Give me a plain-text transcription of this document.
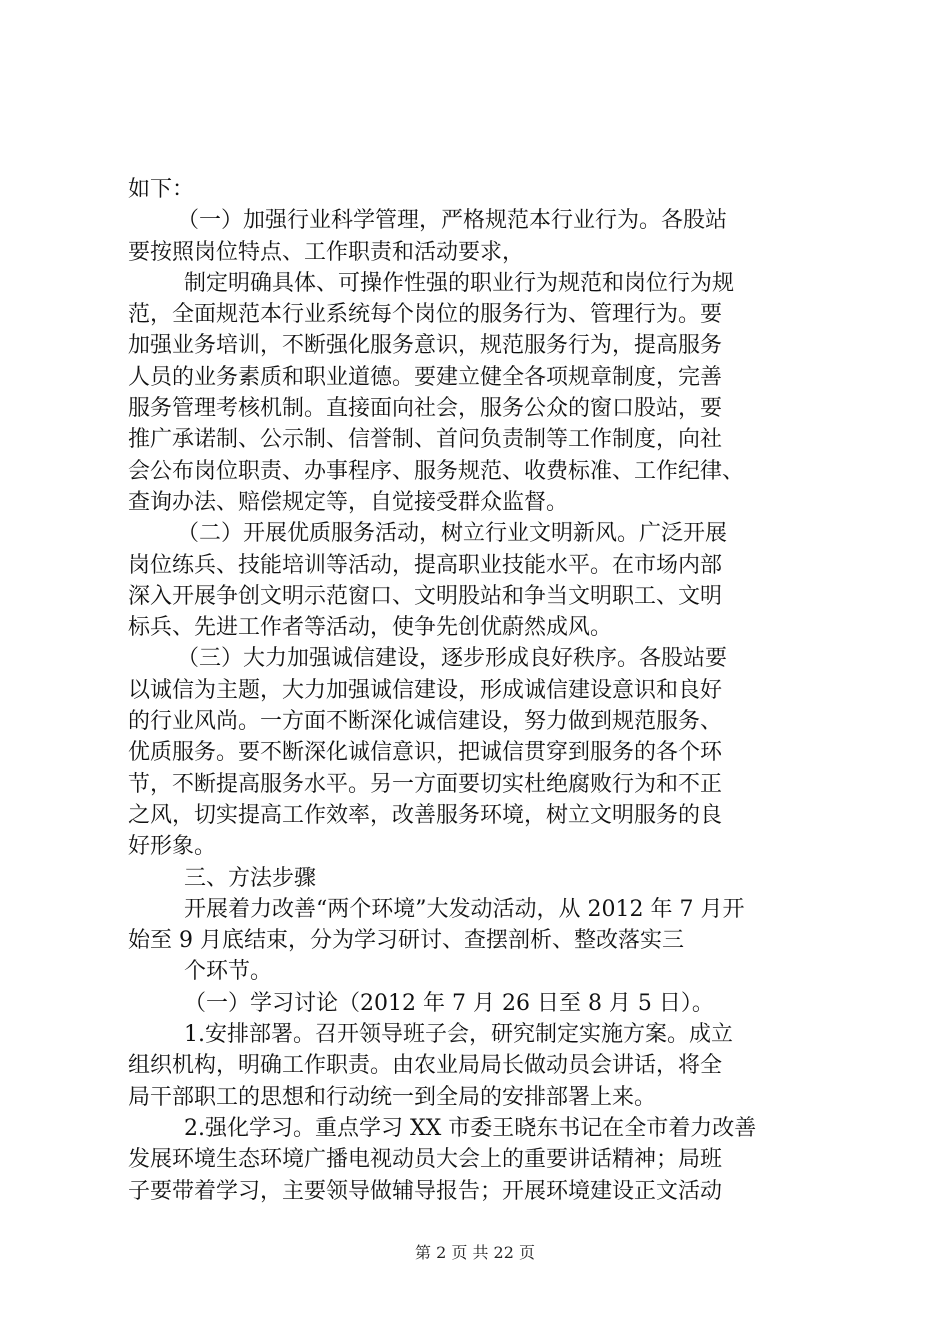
如下：
（一）加强行业科学管理，严格规范本行业行为。各股站
要按照岗位特点、工作职责和活动要求，
制定明确具体、可操作性强的职业行为规范和岗位行为规
范，全面规范本行业系统每个岗位的服务行为、管理行为。要
加强业务培训，不断强化服务意识，规范服务行为，提高服务
人员的业务素质和职业道德。要建立健全各项规章制度，完善
服务管理考核机制。直接面向社会，服务公众的窗口股站，要
推广承诺制、公示制、信誉制、首问负责制等工作制度，向社
会公布岗位职责、办事程序、服务规范、收费标准、工作纪律、
查询办法、赔偿规定等，自觉接受群众监督。
（二）开展优质服务活动，树立行业文明新风。广泛开展
岗位练兵、技能培训等活动，提高职业技能水平。在市场内部
深入开展争创文明示范窗口、文明股站和争当文明职工、文明
标兵、先进工作者等活动，使争先创优蔚然成风。
（三）大力加强诚信建设，逐步形成良好秩序。各股站要
以诚信为主题，大力加强诚信建设，形成诚信建设意识和良好
的行业风尚。一方面不断深化诚信建设，努力做到规范服务、
优质服务。要不断深化诚信意识，把诚信贯穿到服务的各个环
节，不断提高服务水平。另一方面要切实杜绝腐败行为和不正
之风，切实提高工作效率，改善服务环境，树立文明服务的良
好形象。
三、方法步骤
开展着力改善“两个环境”大发动活动，从 2012 年 7 月开
始至 9 月底结束，分为学习研讨、查摆剖析、整改落实三
个环节。
（一）学习讨论（2012 年 7 月 26 日至 8 月 5 日）。
1.安排部署。召开领导班子会，研究制定实施方案。成立
组织机构，明确工作职责。由农业局局长做动员会讲话，将全
局干部职工的思想和行动统一到全局的安排部署上来。
2.强化学习。重点学习 XX 市委王晓东书记在全市着力改善
发展环境生态环境广播电视动员大会上的重要讲话精神；局班
子要带着学习，主要领导做辅导报告；开展环境建设正文活动
第 2 页 共 22 页
